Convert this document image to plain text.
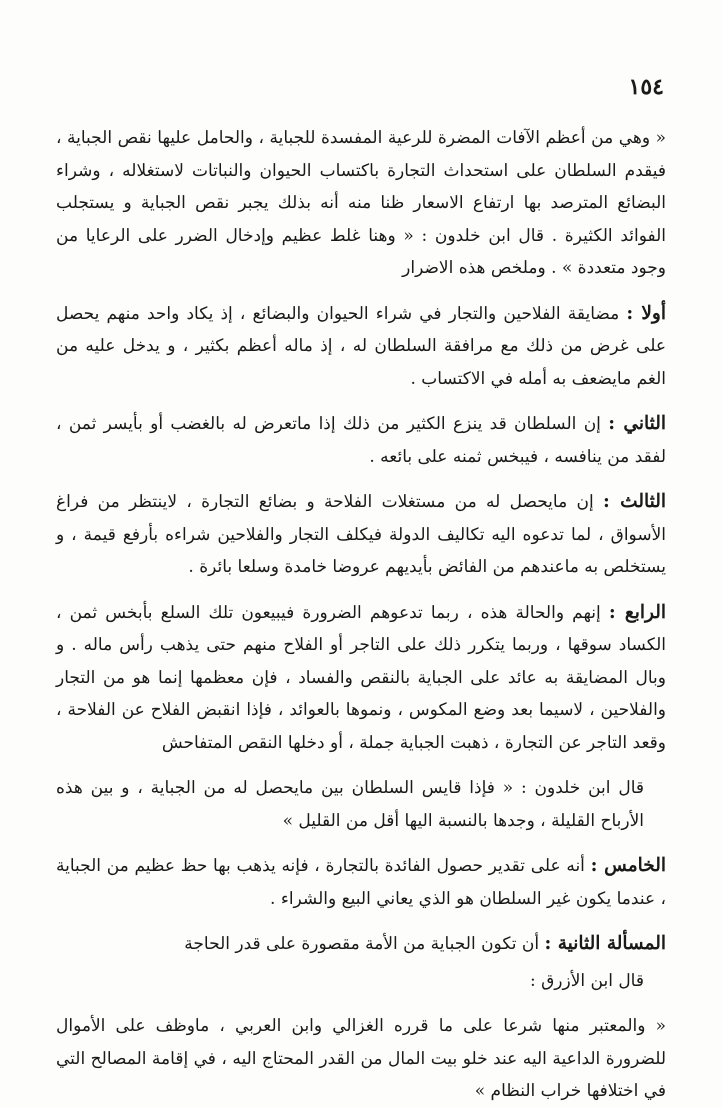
١٥٤

« وهي من أعظم الآفات المضرة للرعية المفسدة للجباية ، والحامل عليها نقص الجباية ، فيقدم السلطان على استحداث التجارة باكتساب الحيوان والنباتات لاستغلاله ، وشراء البضائع المترصد بها ارتفاع الاسعار ظنا منه أنه بذلك يجبر نقص الجباية و يستجلب الفوائد الكثيرة . قال ابن خلدون : « وهنا غلط عظيم وإدخال الضرر على الرعايا من وجود متعددة » . وملخص هذه الاضرار

أولا : مضايقة الفلاحين والتجار في شراء الحيوان والبضائع ، إذ يكاد واحد منهم يحصل على غرض من ذلك مع مرافقة السلطان له ، إذ ماله أعظم بكثير ، و يدخل عليه من الغم مايضعف به أمله في الاكتساب .

الثاني : إن السلطان قد ينزع الكثير من ذلك إذا ماتعرض له بالغضب أو بأيسر ثمن ، لفقد من ينافسه ، فيبخس ثمنه على بائعه .

الثالث : إن مايحصل له من مستغلات الفلاحة و بضائع التجارة ، لاينتظر من فراغ الأسواق ، لما تدعوه اليه تكاليف الدولة فيكلف التجار والفلاحين شراءه بأرفع قيمة ، و يستخلص به ماعندهم من الفائض بأيديهم عروضا خامدة وسلعا بائرة .

الرابع : إنهم والحالة هذه ، ربما تدعوهم الضرورة فيبيعون تلك السلع بأبخس ثمن ، الكساد سوقها ، وربما يتكرر ذلك على التاجر أو الفلاح منهم حتى يذهب رأس ماله . و وبال المضايقة به عائد على الجباية بالنقص والفساد ، فإن معظمها إنما هو من التجار والفلاحين ، لاسيما بعد وضع المكوس ، ونموها بالعوائد ، فإذا انقبض الفلاح عن الفلاحة ، وقعد التاجر عن التجارة ، ذهبت الجباية جملة ، أو دخلها النقص المتفاحش

قال ابن خلدون : « فإذا قايس السلطان بين مايحصل له من الجباية ، و بين هذه الأرباح القليلة ، وجدها بالنسبة اليها أقل من القليل »

الخامس : أنه على تقدير حصول الفائدة بالتجارة ، فإنه يذهب بها حظ عظيم من الجباية ، عندما يكون غير السلطان هو الذي يعاني البيع والشراء .

المسألة الثانية : أن تكون الجباية من الأمة مقصورة على قدر الحاجة

قال ابن الأزرق :

« والمعتبر منها شرعا على ما قرره الغزالي وابن العربي ، ماوظف على الأموال للضرورة الداعية اليه عند خلو بيت المال من القدر المحتاج اليه ، في إقامة المصالح التي في اختلافها خراب النظام »
